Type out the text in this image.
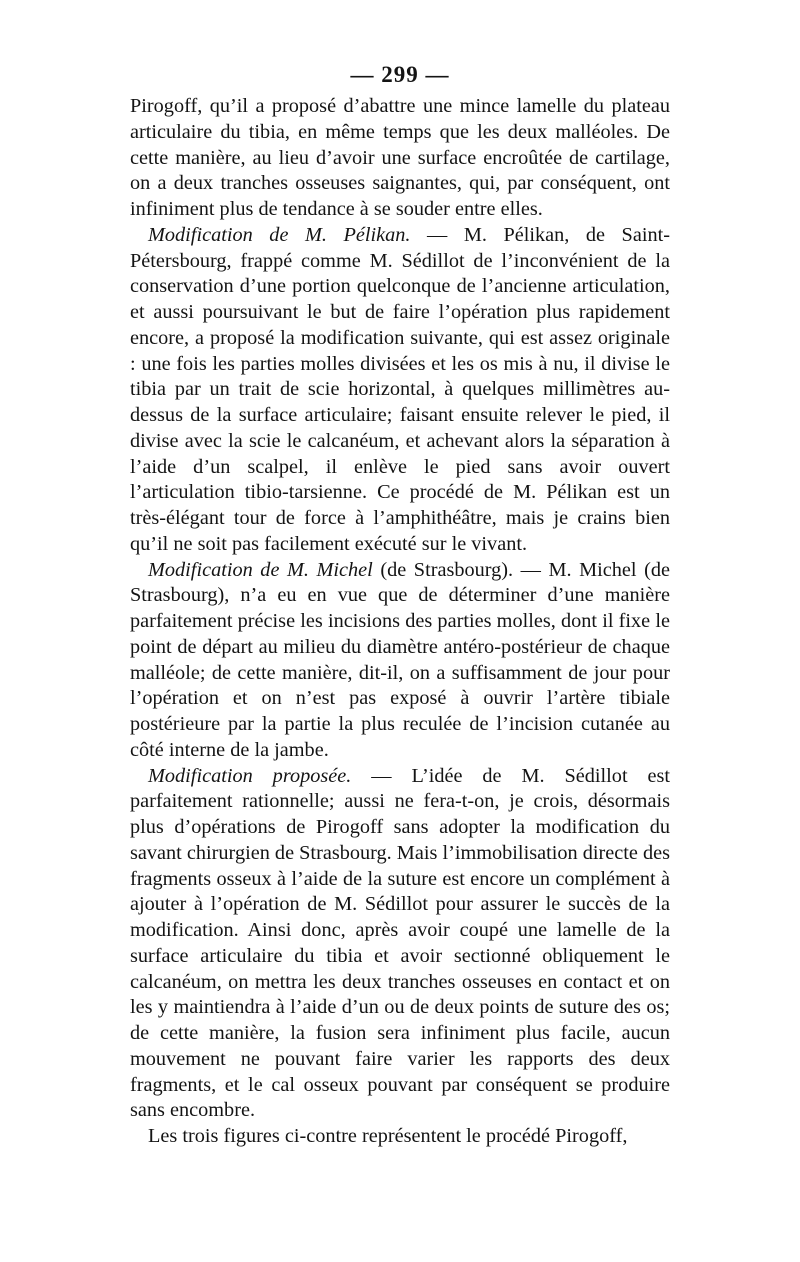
— 299 —

Pirogoff, qu’il a proposé d’abattre une mince lamelle du plateau articulaire du tibia, en même temps que les deux malléoles. De cette manière, au lieu d’avoir une surface encroûtée de cartilage, on a deux tranches osseuses saignantes, qui, par conséquent, ont infiniment plus de tendance à se souder entre elles.

Modification de M. Pélikan. — M. Pélikan, de Saint-Pétersbourg, frappé comme M. Sédillot de l’inconvénient de la conservation d’une portion quelconque de l’ancienne articulation, et aussi poursuivant le but de faire l’opération plus rapidement encore, a proposé la modification suivante, qui est assez originale : une fois les parties molles divisées et les os mis à nu, il divise le tibia par un trait de scie horizontal, à quelques millimètres au-dessus de la surface articulaire; faisant ensuite relever le pied, il divise avec la scie le calcanéum, et achevant alors la séparation à l’aide d’un scalpel, il enlève le pied sans avoir ouvert l’articulation tibio-tarsienne. Ce procédé de M. Pélikan est un très-élégant tour de force à l’amphithéâtre, mais je crains bien qu’il ne soit pas facilement exécuté sur le vivant.

Modification de M. Michel (de Strasbourg). — M. Michel (de Strasbourg), n’a eu en vue que de déterminer d’une manière parfaitement précise les incisions des parties molles, dont il fixe le point de départ au milieu du diamètre antéro-postérieur de chaque malléole; de cette manière, dit-il, on a suffisamment de jour pour l’opération et on n’est pas exposé à ouvrir l’artère tibiale postérieure par la partie la plus reculée de l’incision cutanée au côté interne de la jambe.

Modification proposée. — L’idée de M. Sédillot est parfaitement rationnelle; aussi ne fera-t-on, je crois, désormais plus d’opérations de Pirogoff sans adopter la modification du savant chirurgien de Strasbourg. Mais l’immobilisation directe des fragments osseux à l’aide de la suture est encore un complément à ajouter à l’opération de M. Sédillot pour assurer le succès de la modification. Ainsi donc, après avoir coupé une lamelle de la surface articulaire du tibia et avoir sectionné obliquement le calcanéum, on mettra les deux tranches osseuses en contact et on les y maintiendra à l’aide d’un ou de deux points de suture des os; de cette manière, la fusion sera infiniment plus facile, aucun mouvement ne pouvant faire varier les rapports des deux fragments, et le cal osseux pouvant par conséquent se produire sans encombre.

Les trois figures ci-contre représentent le procédé Pirogoff,
